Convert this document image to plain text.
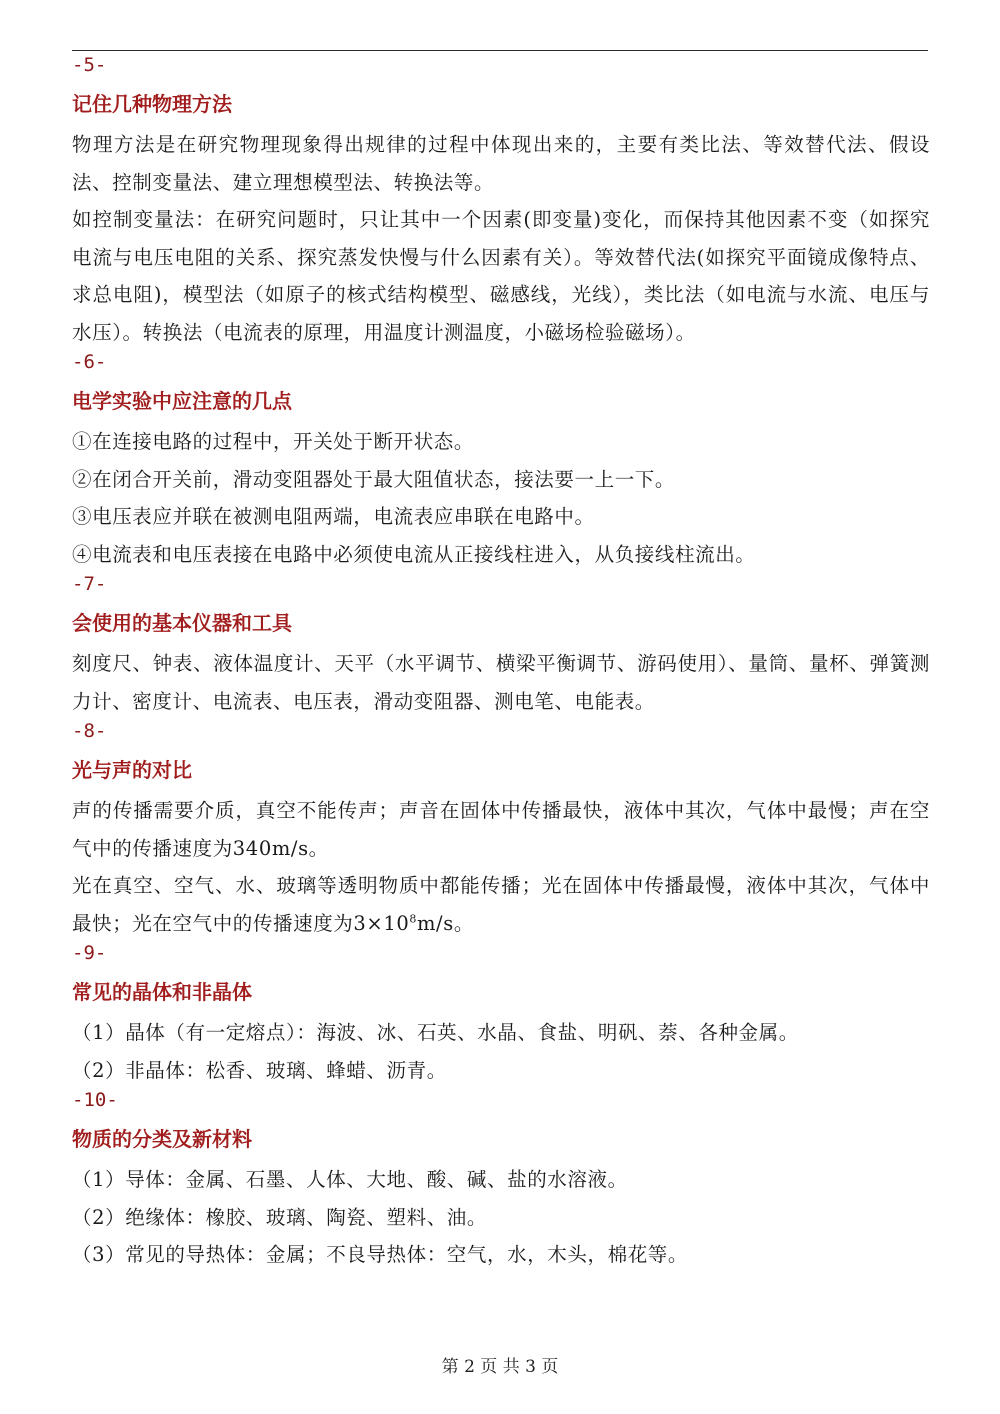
-5-
记住几种物理方法

物理方法是在研究物理现象得出规律的过程中体现出来的，主要有类比法、等效替代法、假设法、控制变量法、建立理想模型法、转换法等。

如控制变量法：在研究问题时，只让其中一个因素(即变量)变化，而保持其他因素不变（如探究电流与电压电阻的关系、探究蒸发快慢与什么因素有关）。等效替代法(如探究平面镜成像特点、求总电阻)，模型法（如原子的核式结构模型、磁感线，光线），类比法（如电流与水流、电压与水压）。转换法（电流表的原理，用温度计测温度，小磁场检验磁场）。

-6-
电学实验中应注意的几点

①在连接电路的过程中，开关处于断开状态。

②在闭合开关前，滑动变阻器处于最大阻值状态，接法要一上一下。

③电压表应并联在被测电阻两端，电流表应串联在电路中。

④电流表和电压表接在电路中必须使电流从正接线柱进入，从负接线柱流出。

-7-
会使用的基本仪器和工具

刻度尺、钟表、液体温度计、天平（水平调节、横梁平衡调节、游码使用）、量筒、量杯、弹簧测力计、密度计、电流表、电压表，滑动变阻器、测电笔、电能表。

-8-
光与声的对比

声的传播需要介质，真空不能传声；声音在固体中传播最快，液体中其次，气体中最慢；声在空气中的传播速度为340m/s。

光在真空、空气、水、玻璃等透明物质中都能传播；光在固体中传播最慢，液体中其次，气体中最快；光在空气中的传播速度为$3\times 10^8m/s$。

-9-
常见的晶体和非晶体

（1）晶体（有一定熔点）：海波、冰、石英、水晶、食盐、明矾、萘、各种金属。

（2）非晶体：松香、玻璃、蜂蜡、沥青。

-10-
物质的分类及新材料

（1）导体：金属、石墨、人体、大地、酸、碱、盐的水溶液。

（2）绝缘体：橡胶、玻璃、陶瓷、塑料、油。

（3）常见的导热体：金属；不良导热体：空气，水，木头，棉花等。

第 2 页 共 3 页
